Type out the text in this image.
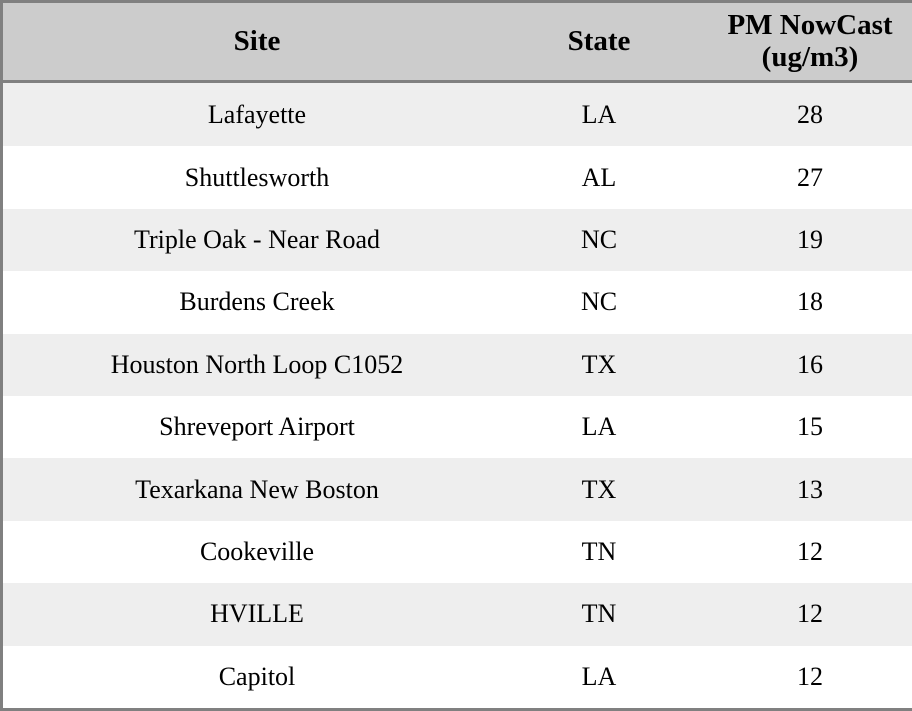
Site	State	PM NowCast (ug/m3)
Lafayette	LA	28
Shuttlesworth	AL	27
Triple Oak - Near Road	NC	19
Burdens Creek	NC	18
Houston North Loop C1052	TX	16
Shreveport Airport	LA	15
Texarkana New Boston	TX	13
Cookeville	TN	12
HVILLE	TN	12
Capitol	LA	12
